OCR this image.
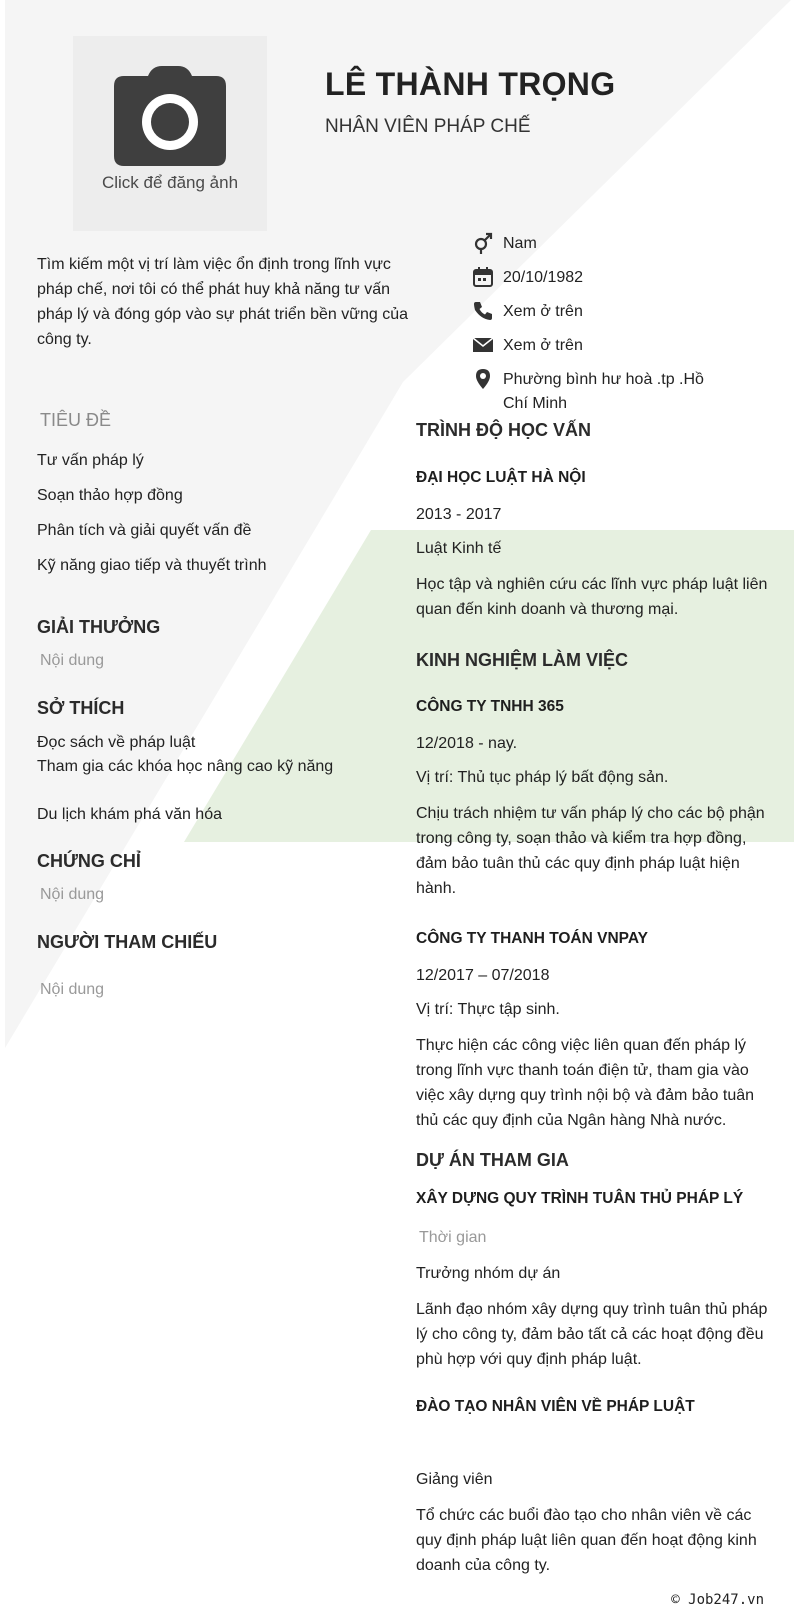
Click để đăng ảnh
LÊ THÀNH TRỌNG
NHÂN VIÊN PHÁP CHẾ
Tìm kiếm một vị trí làm việc ổn định trong lĩnh vực pháp chế, nơi tôi có thể phát huy khả năng tư vấn pháp lý và đóng góp vào sự phát triển bền vững của công ty.
Nam
20/10/1982
Xem ở trên
Xem ở trên
Phường bình hư hoà .tp .Hồ Chí Minh
TIÊU ĐỀ
Tư vấn pháp lý
Soạn thảo hợp đồng
Phân tích và giải quyết vấn đề
Kỹ năng giao tiếp và thuyết trình
GIẢI THƯỞNG
Nội dung
SỞ THÍCH
Đọc sách về pháp luật
Tham gia các khóa học nâng cao kỹ năng
Du lịch khám phá văn hóa
CHỨNG CHỈ
Nội dung
NGƯỜI THAM CHIẾU
Nội dung
TRÌNH ĐỘ HỌC VẤN
ĐẠI HỌC LUẬT HÀ NỘI
2013 - 2017
Luật Kinh tế
Học tập và nghiên cứu các lĩnh vực pháp luật liên quan đến kinh doanh và thương mại.
KINH NGHIỆM LÀM VIỆC
CÔNG TY TNHH 365
12/2018 - nay.
Vị trí: Thủ tục pháp lý bất động sản.
Chịu trách nhiệm tư vấn pháp lý cho các bộ phận trong công ty, soạn thảo và kiểm tra hợp đồng, đảm bảo tuân thủ các quy định pháp luật hiện hành.
CÔNG TY THANH TOÁN VNPAY
12/2017 – 07/2018
Vị trí: Thực tập sinh.
Thực hiện các công việc liên quan đến pháp lý trong lĩnh vực thanh toán điện tử, tham gia vào việc xây dựng quy trình nội bộ và đảm bảo tuân thủ các quy định của Ngân hàng Nhà nước.
DỰ ÁN THAM GIA
XÂY DỰNG QUY TRÌNH TUÂN THỦ PHÁP LÝ
Thời gian
Trưởng nhóm dự án
Lãnh đạo nhóm xây dựng quy trình tuân thủ pháp lý cho công ty, đảm bảo tất cả các hoạt động đều phù hợp với quy định pháp luật.
ĐÀO TẠO NHÂN VIÊN VỀ PHÁP LUẬT
Giảng viên
Tổ chức các buổi đào tạo cho nhân viên về các quy định pháp luật liên quan đến hoạt động kinh doanh của công ty.
© Job247.vn
